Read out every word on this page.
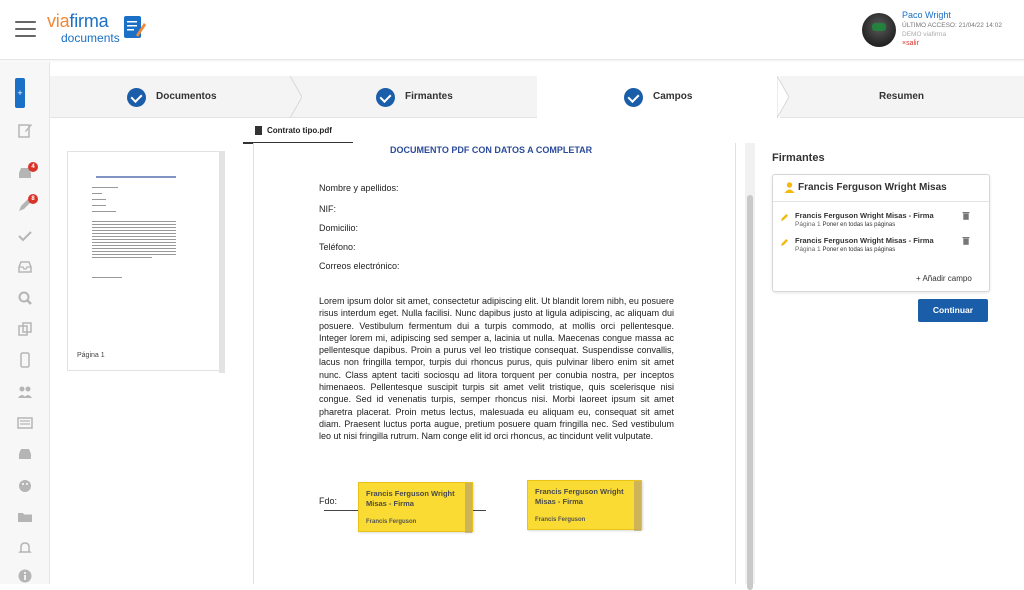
viafirma
documents
Paco Wright
ÚLTIMO ACCESO: 21/04/22 14:02
DEMO viafirma
×salir
+
4
8
Documentos	Firmantes	Campos	Resumen
Página 1
Contrato tipo.pdf
DOCUMENTO PDF CON DATOS A COMPLETAR
Nombre y apellidos:
NIF:
Domicilio:
Teléfono:
Correos electrónico:
Lorem ipsum dolor sit amet, consectetur adipiscing elit. Ut blandit lorem nibh, eu posuere risus interdum eget. Nulla facilisi. Nunc dapibus justo at ligula adipiscing, ac aliquam dui posuere. Vestibulum fermentum dui a turpis commodo, at mollis orci pellentesque. Integer lorem mi, adipiscing sed semper a, lacinia ut nulla. Maecenas congue massa ac pellentesque dapibus. Proin a purus vel leo tristique consequat. Suspendisse convallis, lacus non fringilla tempor, turpis dui rhoncus purus, quis pulvinar libero enim sit amet nunc. Class aptent taciti sociosqu ad litora torquent per conubia nostra, per inceptos himenaeos. Pellentesque suscipit turpis sit amet velit tristique, quis scelerisque nisi congue. Sed id venenatis turpis, semper rhoncus nisi. Morbi laoreet ipsum sit amet pharetra placerat. Proin metus lectus, malesuada eu aliquam eu, consequat sit amet diam. Praesent luctus porta augue, pretium posuere quam fringilla nec. Sed vestibulum leo ut nisi fringilla rutrum. Nam conge elit id orci rhoncus, ac tincidunt velit vulputate.
Fdo:
Francis Ferguson Wright Misas - Firma
Francis Ferguson
Francis Ferguson Wright Misas - Firma
Francis Ferguson
Firmantes
Francis Ferguson Wright Misas
Francis Ferguson Wright Misas - Firma
Página 1 Poner en todas las páginas
Francis Ferguson Wright Misas - Firma
Página 1 Poner en todas las páginas
+ Añadir campo
Continuar
